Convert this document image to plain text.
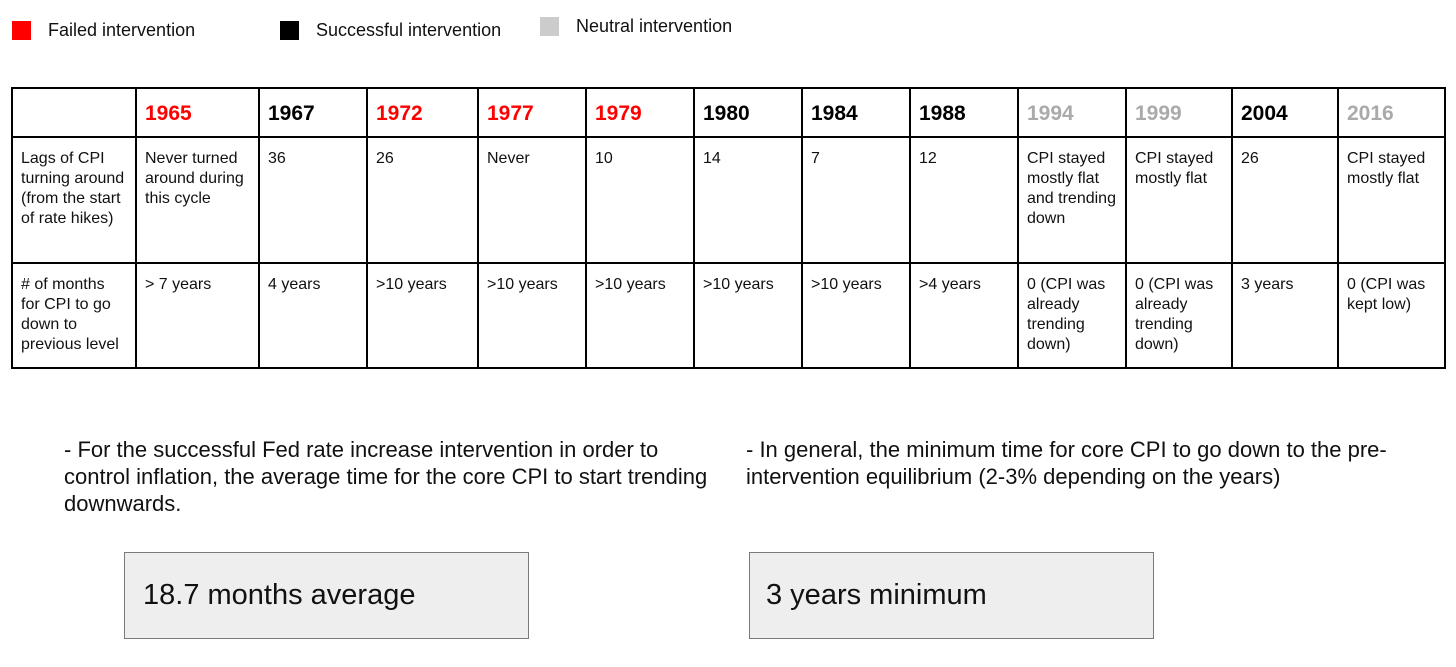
Failed intervention	Successful intervention	Neutral intervention
	1965	1967	1972	1977	1979	1980	1984	1988	1994	1999	2004	2016
Lags of CPI turning around (from the start of rate hikes)	Never turned around during this cycle	36	26	Never	10	14	7	12	CPI stayed mostly flat and trending down	CPI stayed mostly flat	26	CPI stayed mostly flat
# of months for CPI to go down to previous level	> 7 years	4 years	>10 years	>10 years	>10 years	>10 years	>10 years	>4 years	0 (CPI was already trending down)	0 (CPI was already trending down)	3 years	0 (CPI was kept low)
- For the successful Fed rate increase intervention in order to control inflation, the average time for the core CPI to start trending downwards.
- In general, the minimum time for core CPI to go down to the pre-intervention equilibrium (2-3% depending on the years)
18.7 months average	3 years minimum
